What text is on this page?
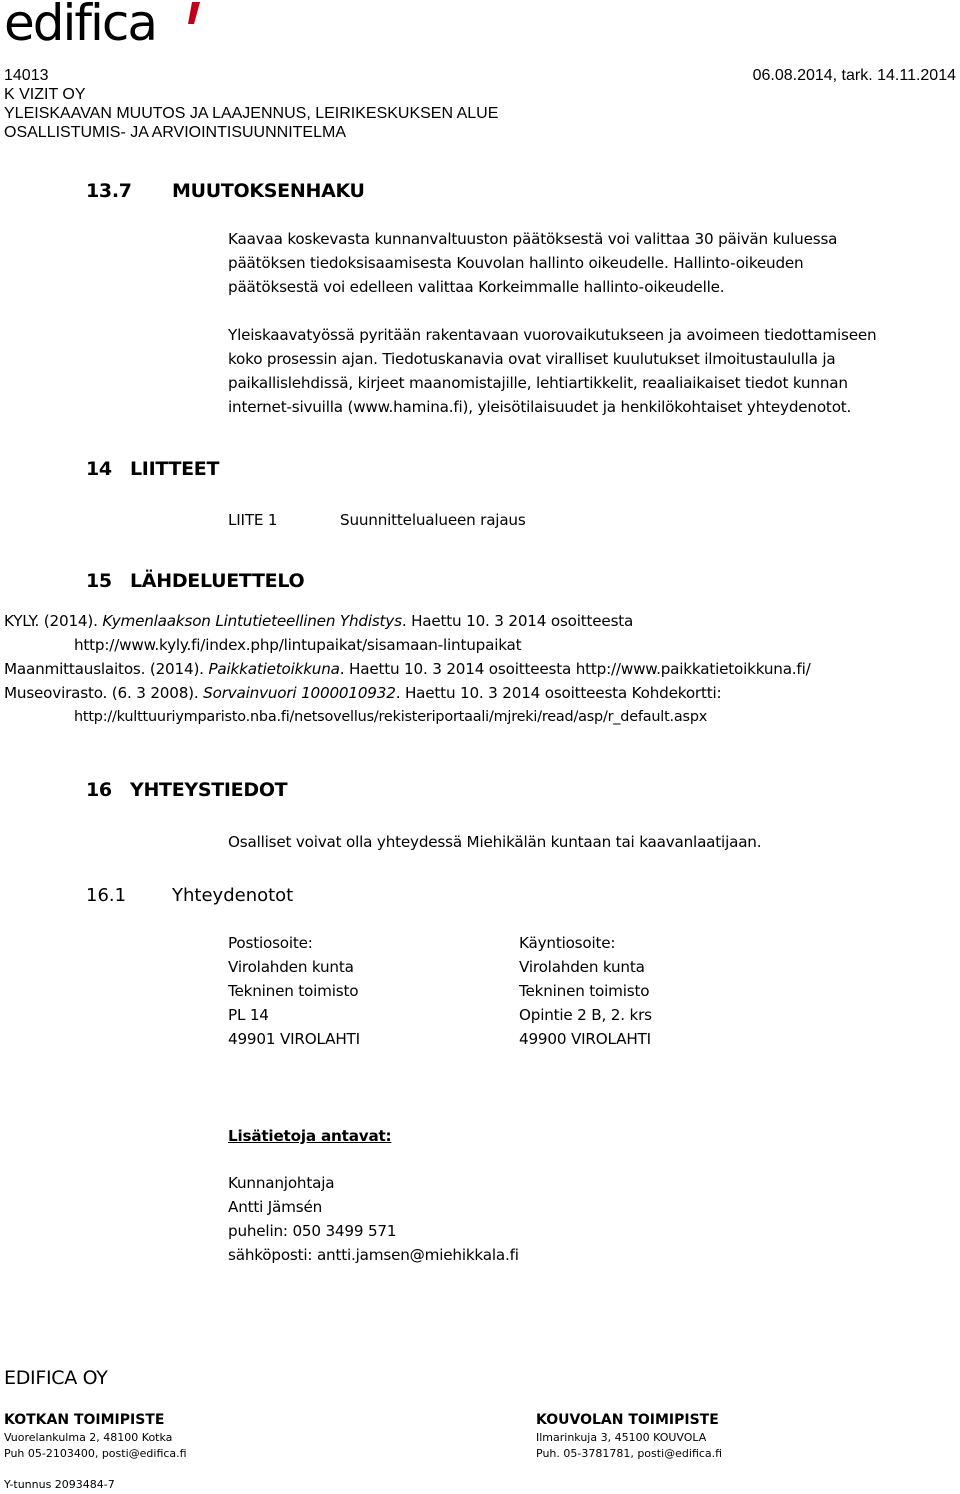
edifica
14013	06.08.2014, tark. 14.11.2014
K VIZIT OY
YLEISKAAVAN MUUTOS JA LAAJENNUS, LEIRIKESKUKSEN ALUE
OSALLISTUMIS- JA ARVIOINTISUUNNITELMA
13.7 MUUTOKSENHAKU
Kaavaa koskevasta kunnanvaltuuston päätöksestä voi valittaa 30 päivän kuluessa
päätöksen tiedoksisaamisesta Kouvolan hallinto oikeudelle. Hallinto-oikeuden
päätöksestä voi edelleen valittaa Korkeimmalle hallinto-oikeudelle.
Yleiskaavatyössä pyritään rakentavaan vuorovaikutukseen ja avoimeen tiedottamiseen
koko prosessin ajan. Tiedotuskanavia ovat viralliset kuulutukset ilmoitustaululla ja
paikallislehdissä, kirjeet maanomistajille, lehtiartikkelit, reaaliaikaiset tiedot kunnan
internet-sivuilla (www.hamina.fi), yleisötilaisuudet ja henkilökohtaiset yhteydenotot.
14 LIITTEET
LIITE 1	Suunnittelualueen rajaus
15 LÄHDELUETTELO
KYLY. (2014). Kymenlaakson Lintutieteellinen Yhdistys. Haettu 10. 3 2014 osoitteesta
http://www.kyly.fi/index.php/lintupaikat/sisamaan-lintupaikat
Maanmittauslaitos. (2014). Paikkatietoikkuna. Haettu 10. 3 2014 osoitteesta http://www.paikkatietoikkuna.fi/
Museovirasto. (6. 3 2008). Sorvainvuori 1000010932. Haettu 10. 3 2014 osoitteesta Kohdekortti:
http://kulttuuriymparisto.nba.fi/netsovellus/rekisteriportaali/mjreki/read/asp/r_default.aspx
16 YHTEYSTIEDOT
Osalliset voivat olla yhteydessä Miehikälän kuntaan tai kaavanlaatijaan.
16.1	Yhteydenotot
Postiosoite:
Virolahden kunta
Tekninen toimisto
PL 14
49901 VIROLAHTI
Käyntiosoite:
Virolahden kunta
Tekninen toimisto
Opintie 2 B, 2. krs
49900 VIROLAHTI
Lisätietoja antavat:
Kunnanjohtaja
Antti Jämsén
puhelin: 050 3499 571
sähköposti: antti.jamsen@miehikkala.fi
EDIFICA OY
KOTKAN TOIMIPISTE
Vuorelankulma 2, 48100 Kotka
Puh 05-2103400, posti@edifica.fi
KOUVOLAN TOIMIPISTE
Ilmarinkuja 3, 45100 KOUVOLA
Puh. 05-3781781, posti@edifica.fi
Y-tunnus 2093484-7
